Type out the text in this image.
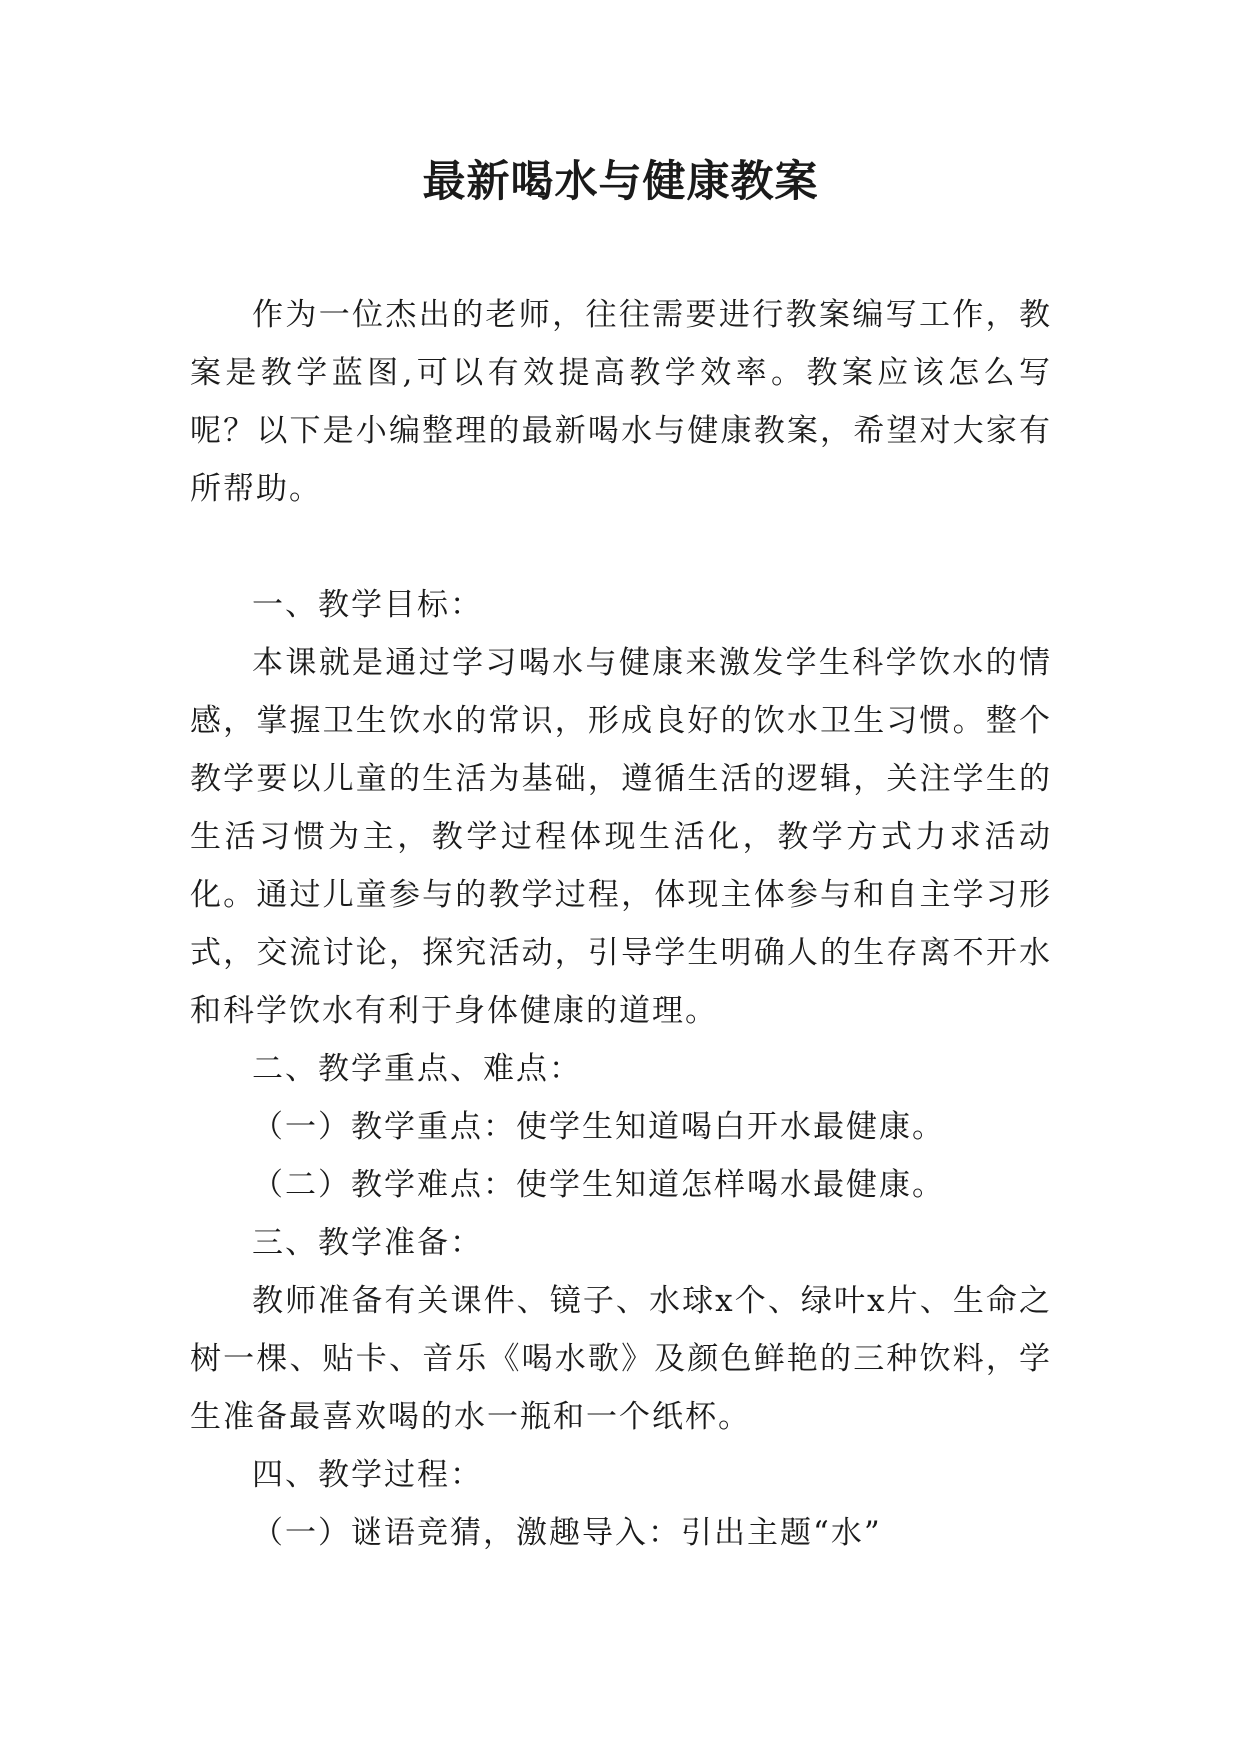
最新喝水与健康教案

作为一位杰出的老师，往往需要进行教案编写工作，教案是教学蓝图,可以有效提高教学效率。教案应该怎么写呢？以下是小编整理的最新喝水与健康教案，希望对大家有所帮助。

一、教学目标：

本课就是通过学习喝水与健康来激发学生科学饮水的情感，掌握卫生饮水的常识，形成良好的饮水卫生习惯。整个教学要以儿童的生活为基础，遵循生活的逻辑，关注学生的生活习惯为主，教学过程体现生活化，教学方式力求活动化。通过儿童参与的教学过程，体现主体参与和自主学习形式，交流讨论，探究活动，引导学生明确人的生存离不开水和科学饮水有利于身体健康的道理。

二、教学重点、难点：

（一）教学重点：使学生知道喝白开水最健康。

（二）教学难点：使学生知道怎样喝水最健康。

三、教学准备：

教师准备有关课件、镜子、水球x个、绿叶x片、生命之树一棵、贴卡、音乐《喝水歌》及颜色鲜艳的三种饮料，学生准备最喜欢喝的水一瓶和一个纸杯。

四、教学过程：

（一）谜语竞猜，激趣导入：引出主题“水”
